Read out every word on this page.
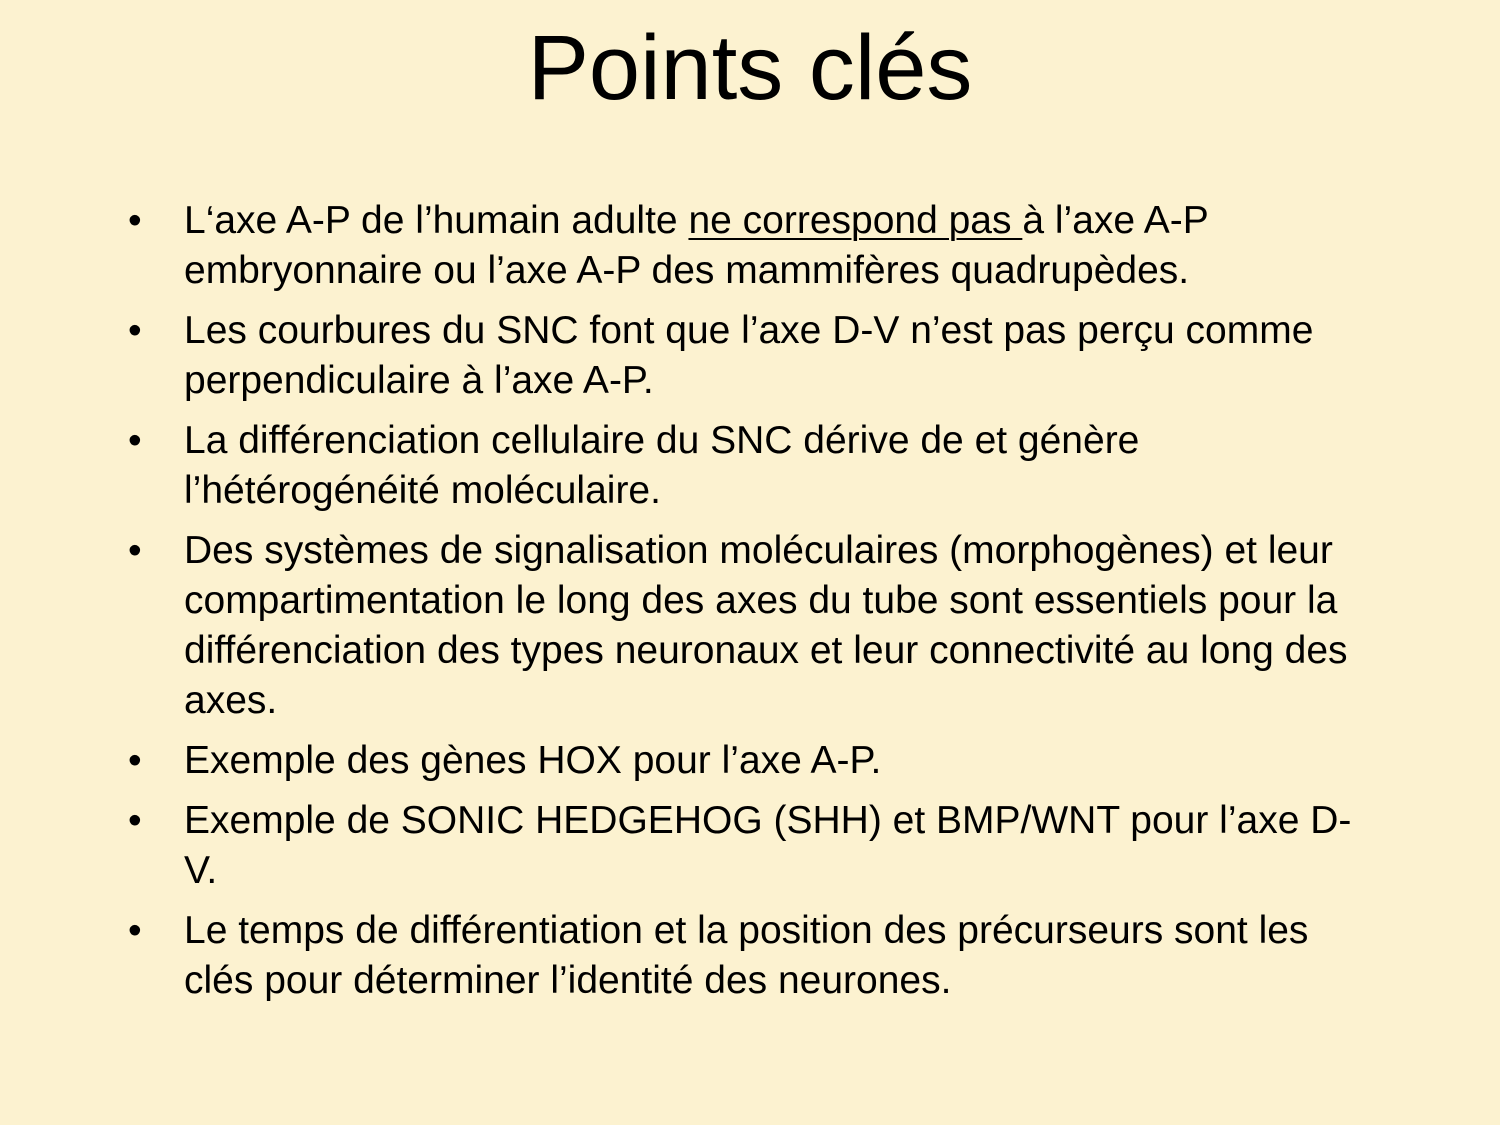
Points clés
• L‘axe A-P de l’humain adulte ne correspond pas à l’axe A-P embryonnaire ou l’axe A-P des mammifères quadrupèdes.
• Les courbures du SNC font que l’axe D-V n’est pas perçu comme perpendiculaire à l’axe A-P.
• La différenciation cellulaire du SNC dérive de et génère l’hétérogénéité moléculaire.
• Des systèmes de signalisation moléculaires (morphogènes) et leur compartimentation le long des axes du tube sont essentiels pour la différenciation des types neuronaux et leur connectivité au long des axes.
• Exemple des gènes HOX pour l’axe A-P.
• Exemple de SONIC HEDGEHOG (SHH) et BMP/WNT pour l’axe D-V.
• Le temps de différentiation et la position des précurseurs sont les clés pour déterminer l’identité des neurones.
